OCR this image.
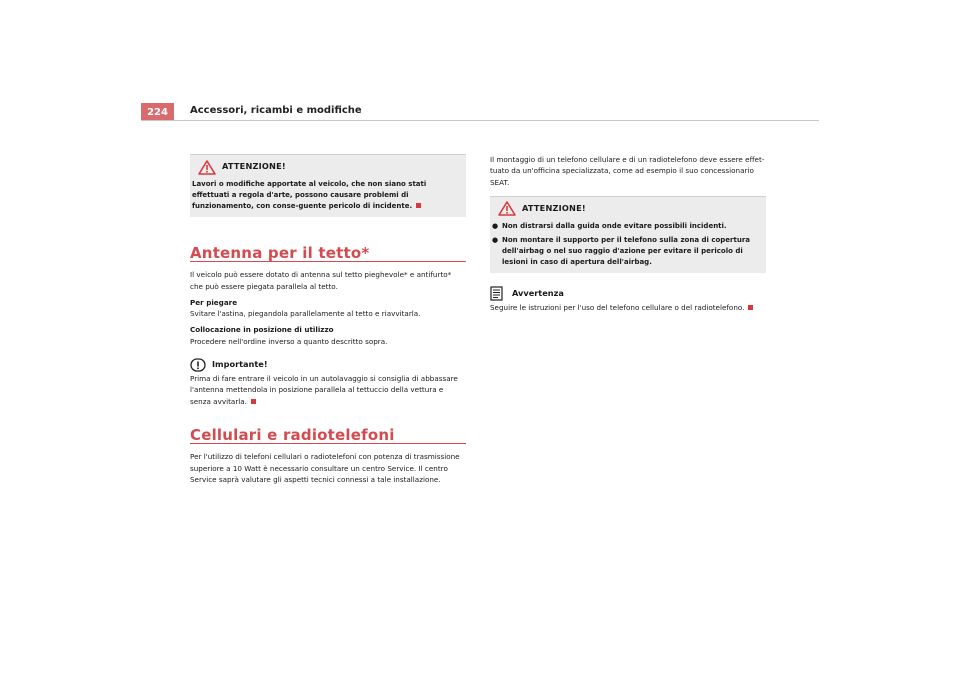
224	Accessori, ricambi e modifiche
ATTENZIONE!

Lavori o modifiche apportate al veicolo, che non siano stati effettuati a regola d'arte, possono causare problemi di funzionamento, con conse-guente pericolo di incidente.

Antenna per il tetto*

Il veicolo può essere dotato di antenna sul tetto pieghevole* e antifurto* che può essere piegata parallela al tetto.

Per piegare

Svitare l'astina, piegandola parallelamente al tetto e riavvitarla.

Collocazione in posizione di utilizzo

Procedere nell'ordine inverso a quanto descritto sopra.

Importante!

Prima di fare entrare il veicolo in un autolavaggio si consiglia di abbassare l'antenna mettendola in posizione parallela al tettuccio della vettura e senza avvitarla.

Cellulari e radiotelefoni

Per l'utilizzo di telefoni cellulari o radiotelefoni con potenza di trasmissione superiore a 10 Watt è necessario consultare un centro Service. Il centro Service saprà valutare gli aspetti tecnici connessi a tale installazione.

Il montaggio di un telefono cellulare e di un radiotelefono deve essere effet-tuato da un'officina specializzata, come ad esempio il suo concessionario SEAT.

ATTENZIONE!
● Non distrarsi dalla guida onde evitare possibili incidenti.
● Non montare il supporto per il telefono sulla zona di copertura dell'airbag o nel suo raggio d'azione per evitare il pericolo di lesioni in caso di apertura dell'airbag.
Avvertenza

Seguire le istruzioni per l'uso del telefono cellulare o del radiotelefono.
